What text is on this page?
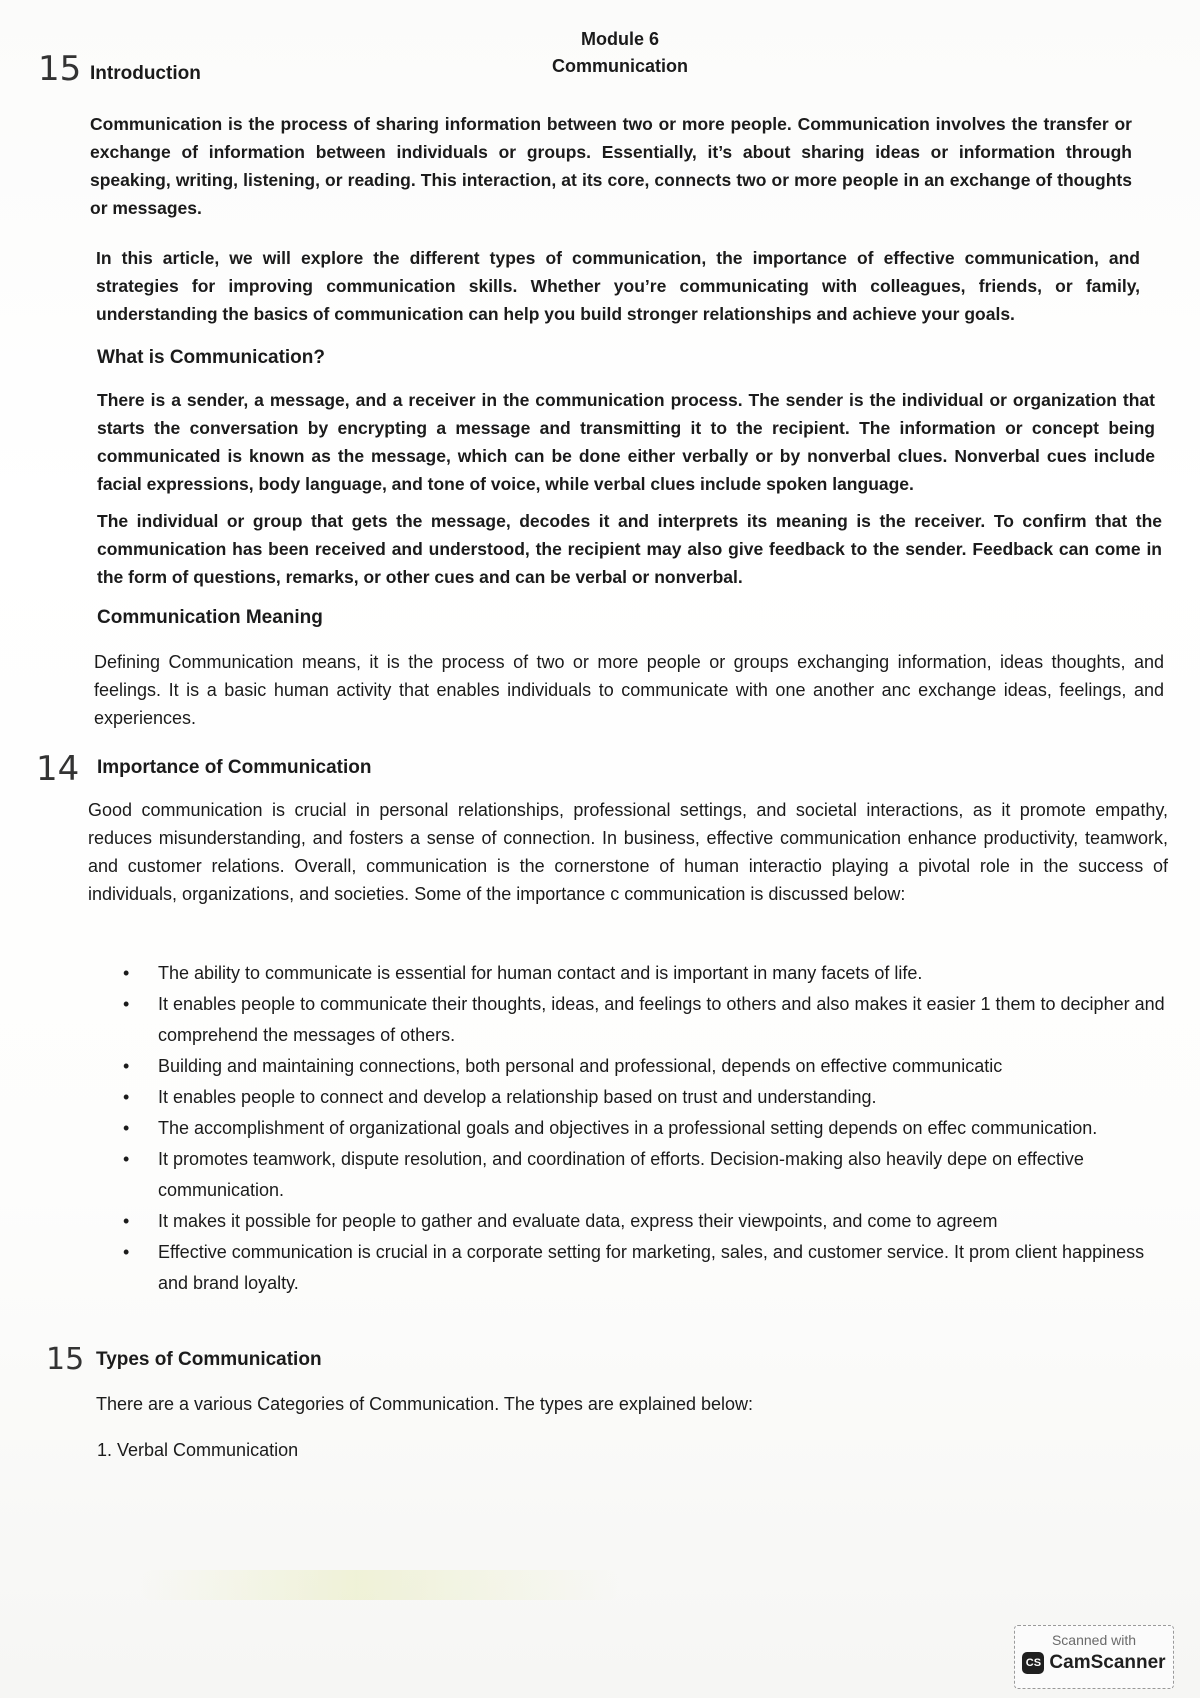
Module 6
Communication
15 Introduction
Communication is the process of sharing information between two or more people. Communication involves the transfer or exchange of information between individuals or groups. Essentially, it’s about sharing ideas or information through speaking, writing, listening, or reading. This interaction, at its core, connects two or more people in an exchange of thoughts or messages.
In this article, we will explore the different types of communication, the importance of effective communication, and strategies for improving communication skills. Whether you’re communicating with colleagues, friends, or family, understanding the basics of communication can help you build stronger relationships and achieve your goals.
What is Communication?
There is a sender, a message, and a receiver in the communication process. The sender is the individual or organization that starts the conversation by encrypting a message and transmitting it to the recipient. The information or concept being communicated is known as the message, which can be done either verbally or by nonverbal clues. Nonverbal cues include facial expressions, body language, and tone of voice, while verbal clues include spoken language.
The individual or group that gets the message, decodes it and interprets its meaning is the receiver. To confirm that the communication has been received and understood, the recipient may also give feedback to the sender. Feedback can come in the form of questions, remarks, or other cues and can be verbal or nonverbal.
Communication Meaning
Defining Communication means, it is the process of two or more people or groups exchanging information, ideas thoughts, and feelings. It is a basic human activity that enables individuals to communicate with one another anc exchange ideas, feelings, and experiences.
14 Importance of Communication
Good communication is crucial in personal relationships, professional settings, and societal interactions, as it promote empathy, reduces misunderstanding, and fosters a sense of connection. In business, effective communication enhance productivity, teamwork, and customer relations. Overall, communication is the cornerstone of human interactio playing a pivotal role in the success of individuals, organizations, and societies. Some of the importance c communication is discussed below:
• The ability to communicate is essential for human contact and is important in many facets of life.
• It enables people to communicate their thoughts, ideas, and feelings to others and also makes it easier 1 them to decipher and comprehend the messages of others.
• Building and maintaining connections, both personal and professional, depends on effective communicatic
• It enables people to connect and develop a relationship based on trust and understanding.
• The accomplishment of organizational goals and objectives in a professional setting depends on effec communication.
• It promotes teamwork, dispute resolution, and coordination of efforts. Decision-making also heavily depe on effective communication.
• It makes it possible for people to gather and evaluate data, express their viewpoints, and come to agreem
• Effective communication is crucial in a corporate setting for marketing, sales, and customer service. It prom client happiness and brand loyalty.
15 Types of Communication
There are a various Categories of Communication. The types are explained below:
1. Verbal Communication
Scanned with
CS CamScanner
